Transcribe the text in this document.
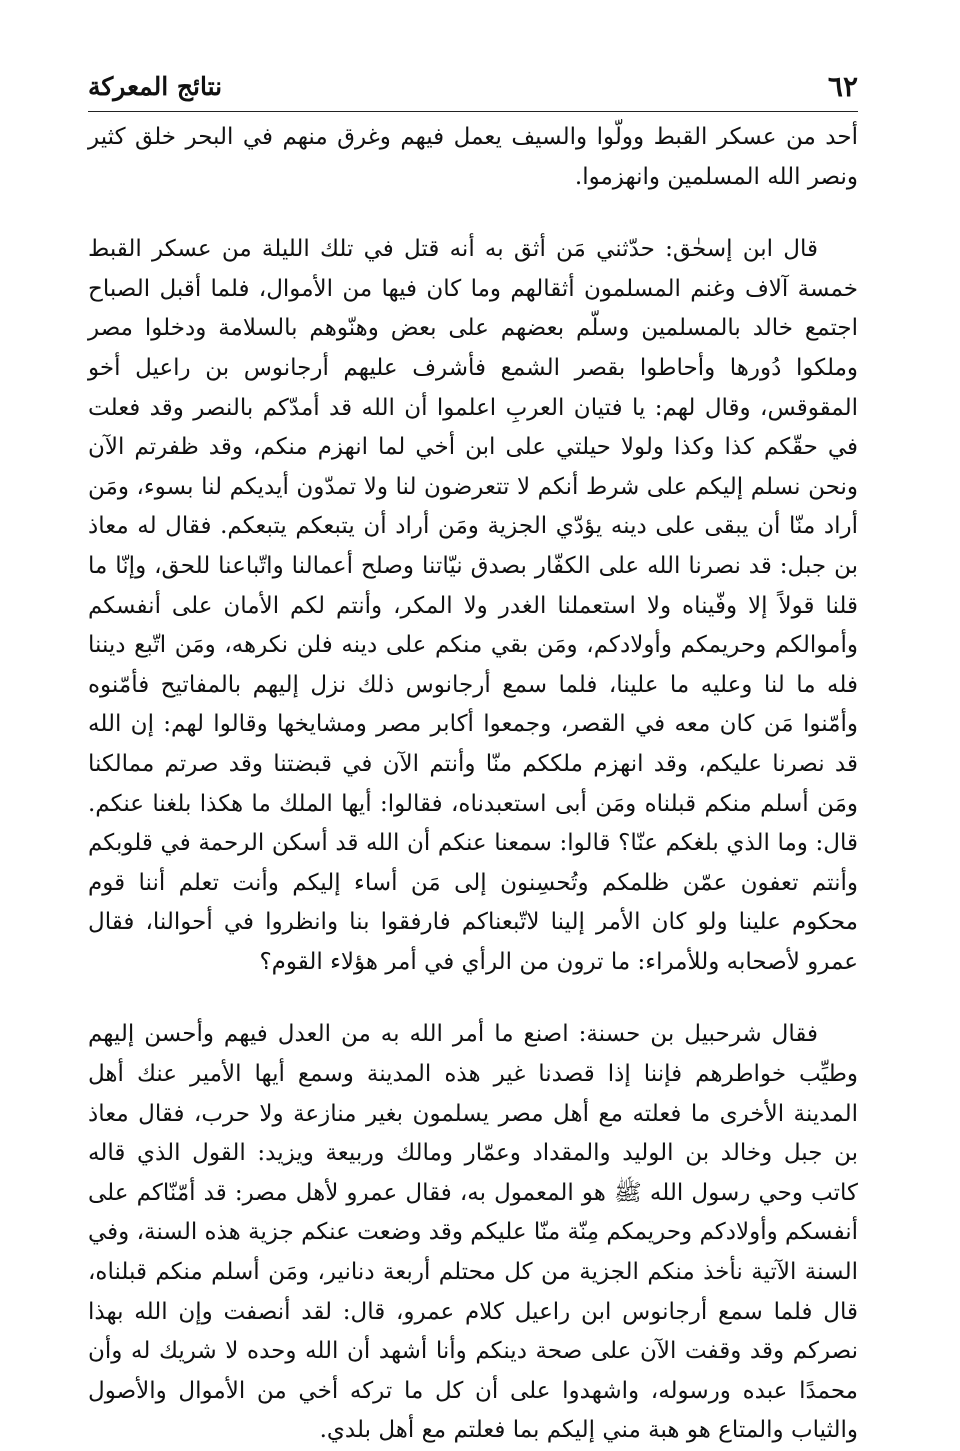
٦٢
نتائج المعركة

أحد من عسكر القبط وولّوا والسيف يعمل فيهم وغرق منهم في البحر خلق كثير ونصر الله المسلمين وانهزموا.

قال ابن إسحٰق: حدّثني مَن أثق به أنه قتل في تلك الليلة من عسكر القبط خمسة آلاف وغنم المسلمون أثقالهم وما كان فيها من الأموال، فلما أقبل الصباح اجتمع خالد بالمسلمين وسلّم بعضهم على بعض وهنّوهم بالسلامة ودخلوا مصر وملكوا دُورها وأحاطوا بقصر الشمع فأشرف عليهم أرجانوس بن راعيل أخو المقوقس، وقال لهم: يا فتيان العربِ اعلموا أن الله قد أمدّكم بالنصر وقد فعلت في حقّكم كذا وكذا ولولا حيلتي على ابن أخي لما انهزم منكم، وقد ظفرتم الآن ونحن نسلم إليكم على شرط أنكم لا تتعرضون لنا ولا تمدّون أيديكم لنا بسوء، ومَن أراد منّا أن يبقى على دينه يؤدّي الجزية ومَن أراد أن يتبعكم يتبعكم. فقال له معاذ بن جبل: قد نصرنا الله على الكفّار بصدق نيّاتنا وصلح أعمالنا واتّباعنا للحق، وإنّا ما قلنا قولاً إلا وفّيناه ولا استعملنا الغدر ولا المكر، وأنتم لكم الأمان على أنفسكم وأموالكم وحريمكم وأولادكم، ومَن بقي منكم على دينه فلن نكرهه، ومَن اتّبع ديننا فله ما لنا وعليه ما علينا، فلما سمع أرجانوس ذلك نزل إليهم بالمفاتيح فأمّنوه وأمّنوا مَن كان معه في القصر، وجمعوا أكابر مصر ومشايخها وقالوا لهم: إن الله قد نصرنا عليكم، وقد انهزم ملككم منّا وأنتم الآن في قبضتنا وقد صرتم ممالكنا ومَن أسلم منكم قبلناه ومَن أبى استعبدناه، فقالوا: أيها الملك ما هكذا بلغنا عنكم. قال: وما الذي بلغكم عنّا؟ قالوا: سمعنا عنكم أن الله قد أسكن الرحمة في قلوبكم وأنتم تعفون عمّن ظلمكم وتُحسِنون إلى مَن أساء إليكم وأنت تعلم أننا قوم محكوم علينا ولو كان الأمر إلينا لاتّبعناكم فارفقوا بنا وانظروا في أحوالنا، فقال عمرو لأصحابه وللأمراء: ما ترون من الرأي في أمر هؤلاء القوم؟

فقال شرحبيل بن حسنة: اصنع ما أمر الله به من العدل فيهم وأحسن إليهم وطيِّب خواطرهم فإننا إذا قصدنا غير هذه المدينة وسمع أيها الأمير عنك أهل المدينة الأخرى ما فعلته مع أهل مصر يسلمون بغير منازعة ولا حرب، فقال معاذ بن جبل وخالد بن الوليد والمقداد وعمّار ومالك وربيعة ويزيد: القول الذي قاله كاتب وحي رسول الله ﷺ هو المعمول به، فقال عمرو لأهل مصر: قد أمّنّاكم على أنفسكم وأولادكم وحريمكم مِنّة منّا عليكم وقد وضعت عنكم جزية هذه السنة، وفي السنة الآتية نأخذ منكم الجزية من كل محتلم أربعة دنانير، ومَن أسلم منكم قبلناه، قال فلما سمع أرجانوس ابن راعيل كلام عمرو، قال: لقد أنصفت وإن الله بهذا نصركم وقد وقفت الآن على صحة دينكم وأنا أشهد أن الله وحده لا شريك له وأن محمدًا عبده ورسوله، واشهدوا على أن كل ما تركه أخي من الأموال والأصول والثياب والمتاع هو هبة مني إليكم بما فعلتم مع أهل بلدي.
